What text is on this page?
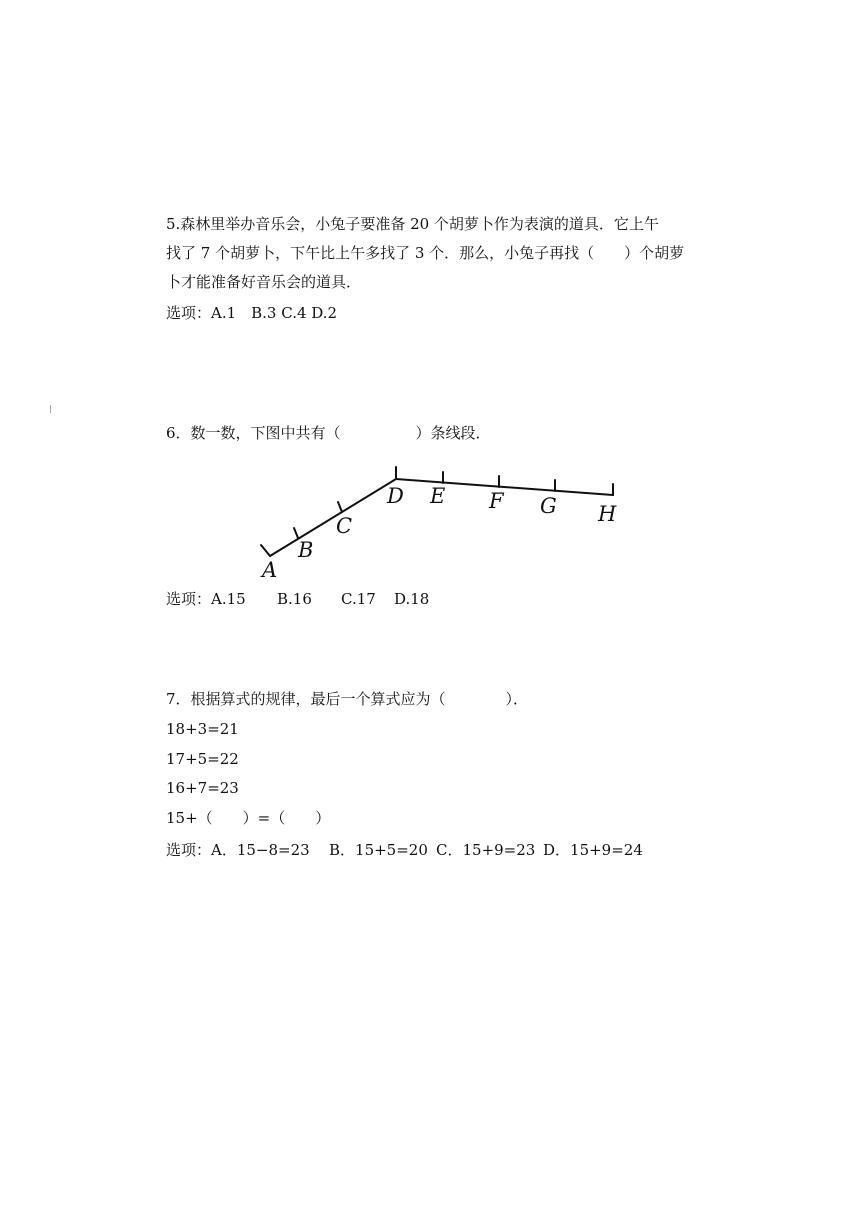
5.森林里举办音乐会，小兔子要准备 20 个胡萝卜作为表演的道具．它上午
找了 7 个胡萝卜，下午比上午多找了 3 个．那么，小兔子再找（　　）个胡萝
卜才能准备好音乐会的道具．
选项：A.1　B.3 C.4 D.2
6．数一数，下图中共有（　　　　　）条线段．
A
B
C
D E F G H
选项：A.15 B.16 C.17 D.18
7．根据算式的规律，最后一个算式应为（　　　　）．
18+3=21
17+5=22
16+7=23
15+（　　）=（　　）
选项：A．15−8=23 B．15+5=20 C．15+9=23 D．15+9=24
